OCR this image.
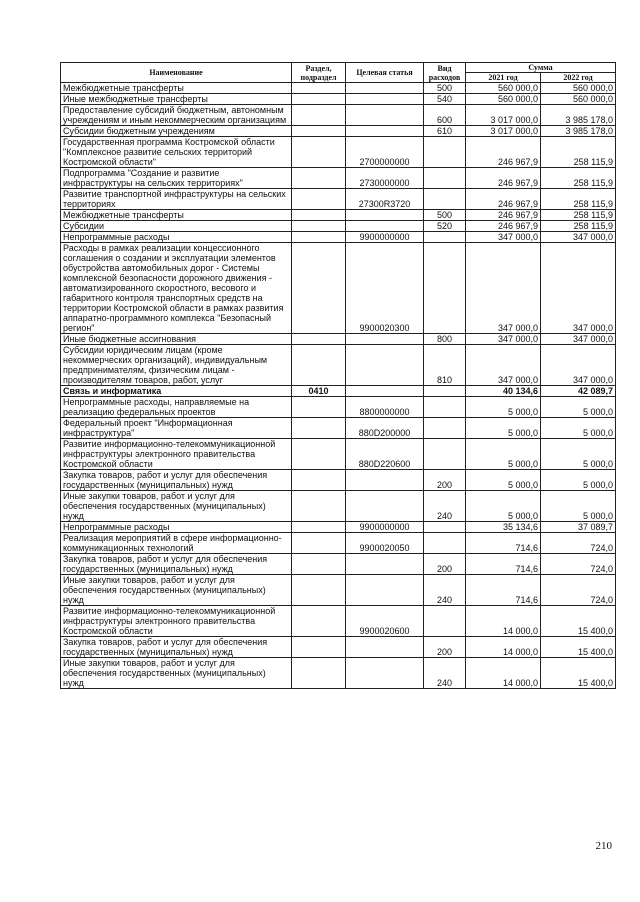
Наименование	Раздел, подраздел	Целевая статья	Вид расходов	Сумма	
				2021 год	2022 год
Межбюджетные трансферты			500	560 000,0	560 000,0
Иные межбюджетные трансферты			540	560 000,0	560 000,0
Предоставление субсидий бюджетным, автономным учреждениям и иным некоммерческим организациям			600	3 017 000,0	3 985 178,0
Субсидии бюджетным учреждениям			610	3 017 000,0	3 985 178,0
Государственная программа Костромской области "Комплексное развитие сельских территорий Костромской области"		2700000000		246 967,9	258 115,9
Подпрограмма "Создание и развитие инфраструктуры на сельских территориях"		2730000000		246 967,9	258 115,9
Развитие транспортной инфраструктуры на сельских территориях		27300R3720		246 967,9	258 115,9
Межбюджетные трансферты			500	246 967,9	258 115,9
Субсидии			520	246 967,9	258 115,9
Непрограммные расходы		9900000000		347 000,0	347 000,0
Расходы в рамках реализации концессионного соглашения о создании и эксплуатации элементов обустройства автомобильных дорог - Системы комплексной безопасности дорожного движения - автоматизированного скоростного, весового и габаритного контроля транспортных средств на территории Костромской области в рамках развития аппаратно-программного комплекса "Безопасный регион"		9900020300		347 000,0	347 000,0
Иные бюджетные ассигнования			800	347 000,0	347 000,0
Субсидии юридическим лицам (кроме некоммерческих организаций), индивидуальным предпринимателям, физическим лицам - производителям товаров, работ, услуг			810	347 000,0	347 000,0
Связь и информатика	0410			40 134,6	42 089,7
Непрограммные расходы, направляемые на реализацию федеральных проектов		8800000000		5 000,0	5 000,0
Федеральный проект "Информационная инфраструктура"		880D200000		5 000,0	5 000,0
Развитие информационно-телекоммуникационной инфраструктуры электронного правительства Костромской области		880D220600		5 000,0	5 000,0
Закупка товаров, работ и услуг для обеспечения государственных (муниципальных) нужд			200	5 000,0	5 000,0
Иные закупки товаров, работ и услуг для обеспечения государственных (муниципальных) нужд			240	5 000,0	5 000,0
Непрограммные расходы		9900000000		35 134,6	37 089,7
Реализация мероприятий в сфере информационно-коммуникационных технологий		9900020050		714,6	724,0
Закупка товаров, работ и услуг для обеспечения государственных (муниципальных) нужд			200	714,6	724,0
Иные закупки товаров, работ и услуг для обеспечения государственных (муниципальных) нужд			240	714,6	724,0
Развитие информационно-телекоммуникационной инфраструктуры электронного правительства Костромской области		9900020600		14 000,0	15 400,0
Закупка товаров, работ и услуг для обеспечения государственных (муниципальных) нужд			200	14 000,0	15 400,0
Иные закупки товаров, работ и услуг для обеспечения государственных (муниципальных) нужд			240	14 000,0	15 400,0
210
